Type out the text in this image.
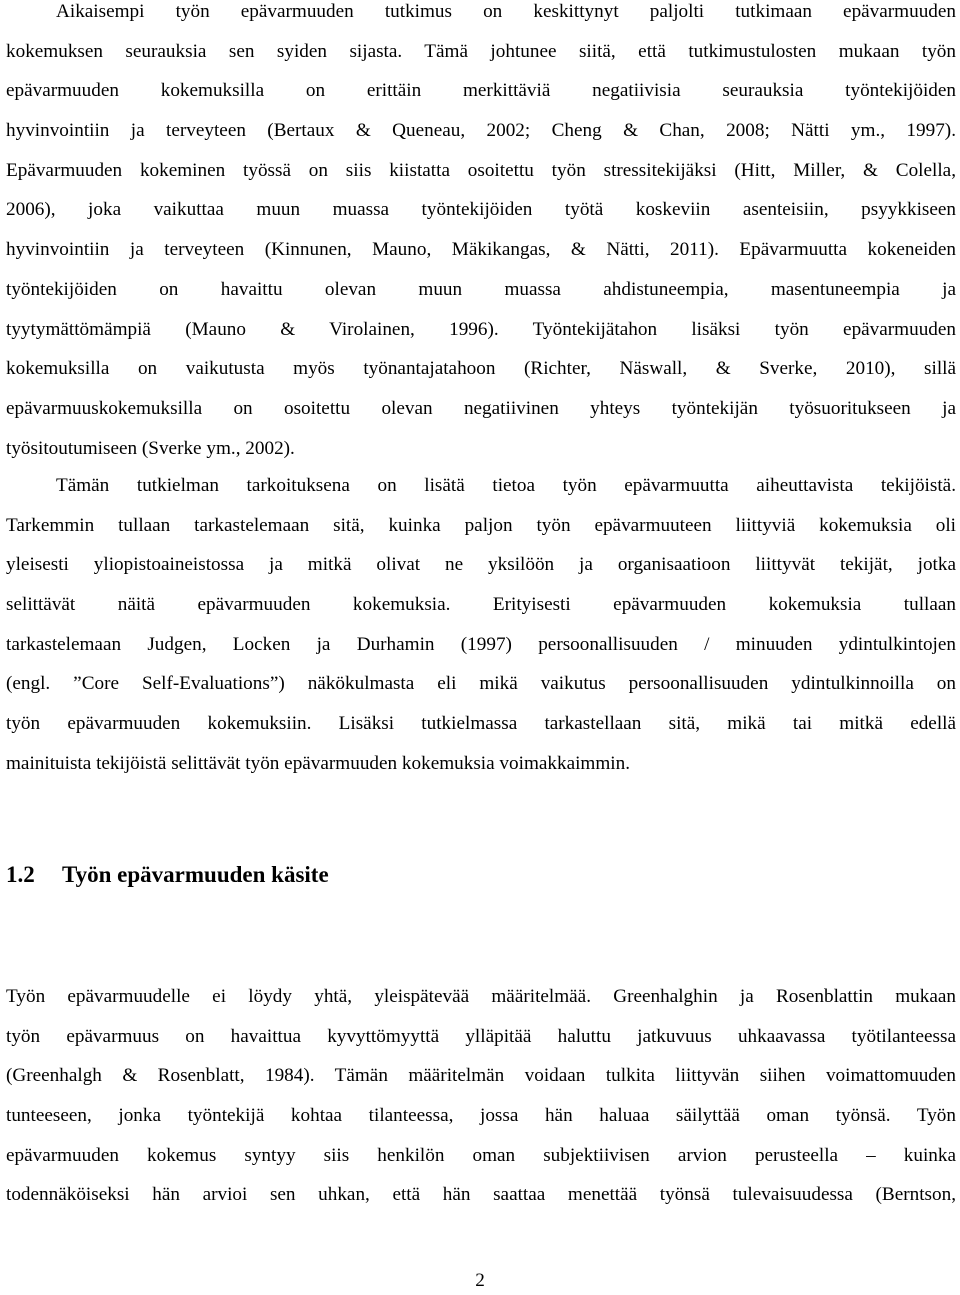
Aikaisempi työn epävarmuuden tutkimus on keskittynyt paljolti tutkimaan epävarmuuden
kokemuksen seurauksia sen syiden sijasta. Tämä johtunee siitä, että tutkimustulosten mukaan työn
epävarmuuden kokemuksilla on erittäin merkittäviä negatiivisia seurauksia työntekijöiden
hyvinvointiin ja terveyteen (Bertaux & Queneau, 2002; Cheng & Chan, 2008; Nätti ym., 1997).
Epävarmuuden kokeminen työssä on siis kiistatta osoitettu työn stressitekijäksi (Hitt, Miller, & Colella,
2006), joka vaikuttaa muun muassa työntekijöiden työtä koskeviin asenteisiin, psyykkiseen
hyvinvointiin ja terveyteen (Kinnunen, Mauno, Mäkikangas, & Nätti, 2011). Epävarmuutta kokeneiden
työntekijöiden on havaittu olevan muun muassa ahdistuneempia, masentuneempia ja
tyytymättömämpiä (Mauno & Virolainen, 1996). Työntekijätahon lisäksi työn epävarmuuden
kokemuksilla on vaikutusta myös työnantajatahoon (Richter, Näswall, & Sverke, 2010), sillä
epävarmuuskokemuksilla on osoitettu olevan negatiivinen yhteys työntekijän työsuoritukseen ja
työsitoutumiseen (Sverke ym., 2002).
Tämän tutkielman tarkoituksena on lisätä tietoa työn epävarmuutta aiheuttavista tekijöistä.
Tarkemmin tullaan tarkastelemaan sitä, kuinka paljon työn epävarmuuteen liittyviä kokemuksia oli
yleisesti yliopistoaineistossa ja mitkä olivat ne yksilöön ja organisaatioon liittyvät tekijät, jotka
selittävät näitä epävarmuuden kokemuksia. Erityisesti epävarmuuden kokemuksia tullaan
tarkastelemaan Judgen, Locken ja Durhamin (1997) persoonallisuuden / minuuden ydintulkintojen
(engl. ”Core Self-Evaluations”) näkökulmasta eli mikä vaikutus persoonallisuuden ydintulkinnoilla on
työn epävarmuuden kokemuksiin. Lisäksi tutkielmassa tarkastellaan sitä, mikä tai mitkä edellä
mainituista tekijöistä selittävät työn epävarmuuden kokemuksia voimakkaimmin.
1.2 Työn epävarmuuden käsite
Työn epävarmuudelle ei löydy yhtä, yleispätevää määritelmää. Greenhalghin ja Rosenblattin mukaan
työn epävarmuus on havaittua kyvyttömyyttä ylläpitää haluttu jatkuvuus uhkaavassa työtilanteessa
(Greenhalgh & Rosenblatt, 1984). Tämän määritelmän voidaan tulkita liittyvän siihen voimattomuuden
tunteeseen, jonka työntekijä kohtaa tilanteessa, jossa hän haluaa säilyttää oman työnsä. Työn
epävarmuuden kokemus syntyy siis henkilön oman subjektiivisen arvion perusteella – kuinka
todennäköiseksi hän arvioi sen uhkan, että hän saattaa menettää työnsä tulevaisuudessa (Berntson,
2
